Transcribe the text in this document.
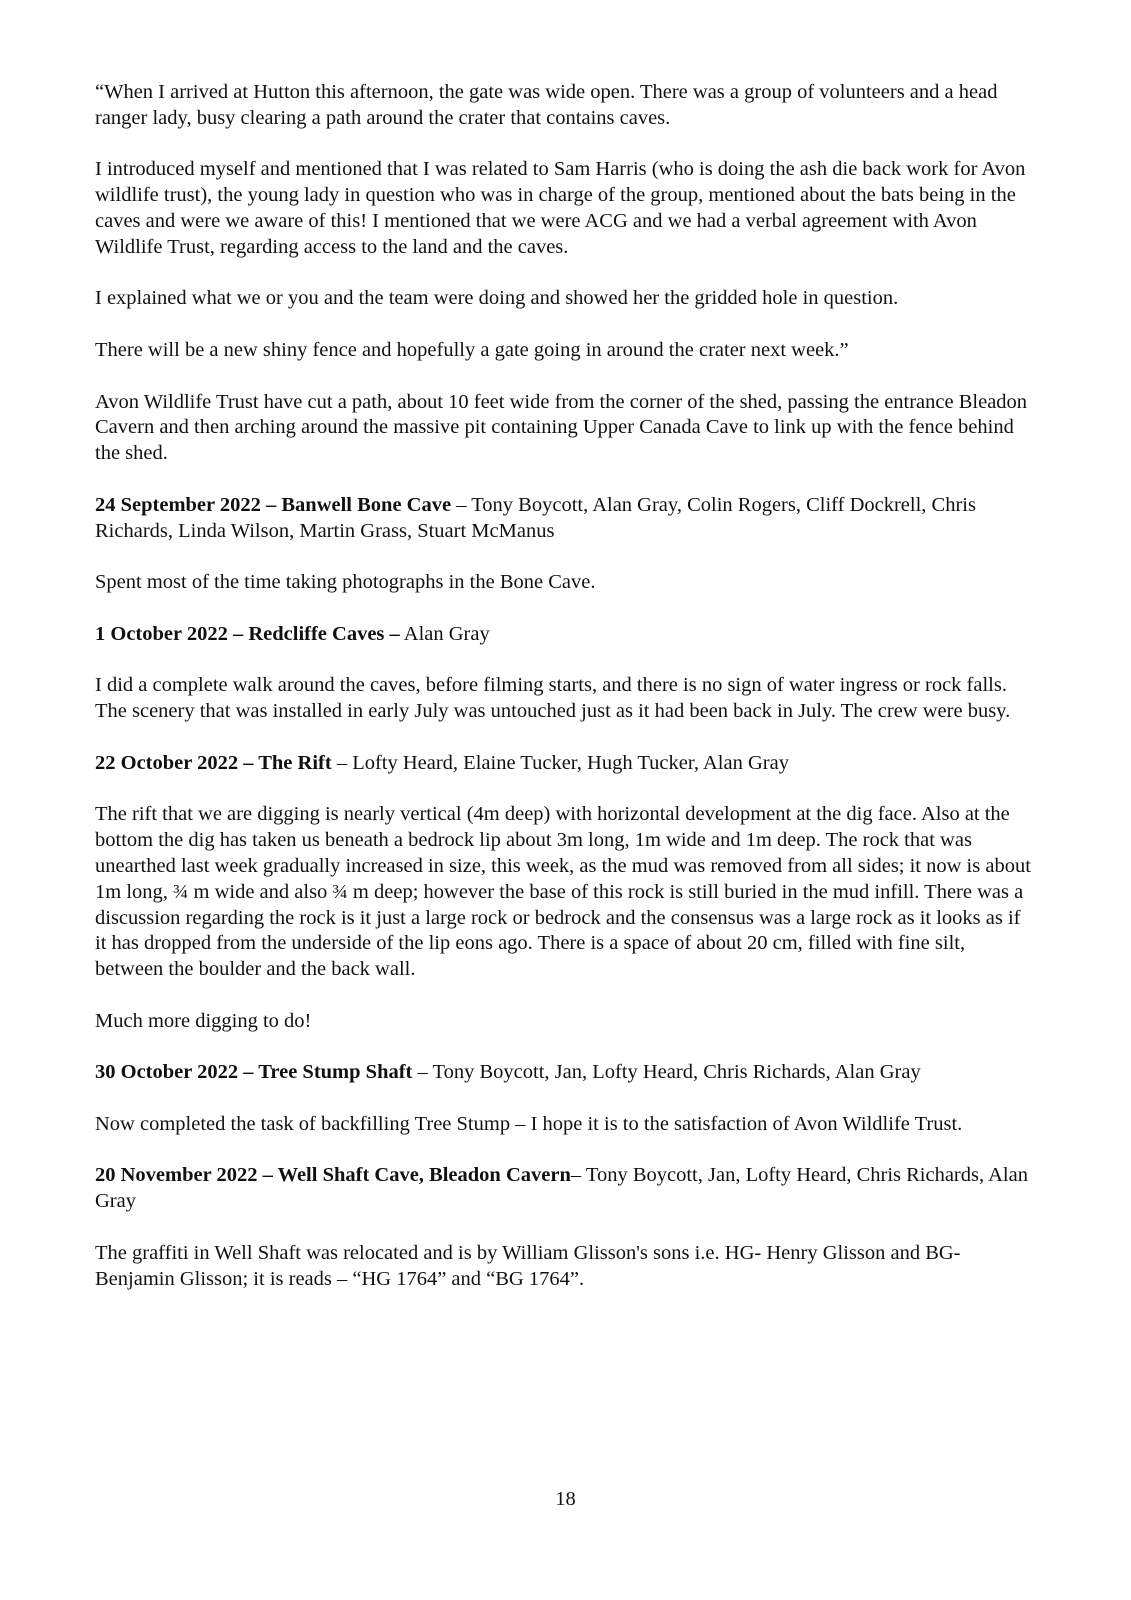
“When I arrived at Hutton this afternoon, the gate was wide open. There was a group of volunteers and a head ranger lady, busy clearing a path around the crater that contains caves.

I introduced myself and mentioned that I was related to Sam Harris (who is doing the ash die back work for Avon wildlife trust), the young lady in question who was in charge of the group, mentioned about the bats being in the caves and were we aware of this! I mentioned that we were ACG and we had a verbal agreement with Avon Wildlife Trust, regarding access to the land and the caves.

I explained what we or you and the team were doing and showed her the gridded hole in question.

There will be a new shiny fence and hopefully a gate going in around the crater next week.”

Avon Wildlife Trust have cut a path, about 10 feet wide from the corner of the shed, passing the entrance Bleadon Cavern and then arching around the massive pit containing Upper Canada Cave to link up with the fence behind the shed.

24 September 2022 – Banwell Bone Cave – Tony Boycott, Alan Gray, Colin Rogers, Cliff Dockrell, Chris Richards, Linda Wilson, Martin Grass, Stuart McManus

Spent most of the time taking photographs in the Bone Cave.

1 October 2022 – Redcliffe Caves – Alan Gray

I did a complete walk around the caves, before filming starts, and there is no sign of water ingress or rock falls. The scenery that was installed in early July was untouched just as it had been back in July. The crew were busy.

22 October 2022 – The Rift – Lofty Heard, Elaine Tucker, Hugh Tucker, Alan Gray

The rift that we are digging is nearly vertical (4m deep) with horizontal development at the dig face. Also at the bottom the dig has taken us beneath a bedrock lip about 3m long, 1m wide and 1m deep. The rock that was unearthed last week gradually increased in size, this week, as the mud was removed from all sides; it now is about 1m long, ¾ m wide and also ¾ m deep; however the base of this rock is still buried in the mud infill. There was a discussion regarding the rock is it just a large rock or bedrock and the consensus was a large rock as it looks as if it has dropped from the underside of the lip eons ago. There is a space of about 20 cm, filled with fine silt, between the boulder and the back wall.

Much more digging to do!

30 October 2022 – Tree Stump Shaft – Tony Boycott, Jan, Lofty Heard, Chris Richards, Alan Gray

Now completed the task of backfilling Tree Stump – I hope it is to the satisfaction of Avon Wildlife Trust.

20 November 2022 – Well Shaft Cave, Bleadon Cavern– Tony Boycott, Jan, Lofty Heard, Chris Richards, Alan Gray

The graffiti in Well Shaft was relocated and is by William Glisson's sons i.e. HG- Henry Glisson and BG- Benjamin Glisson; it is reads – “HG 1764” and “BG 1764”.

18
